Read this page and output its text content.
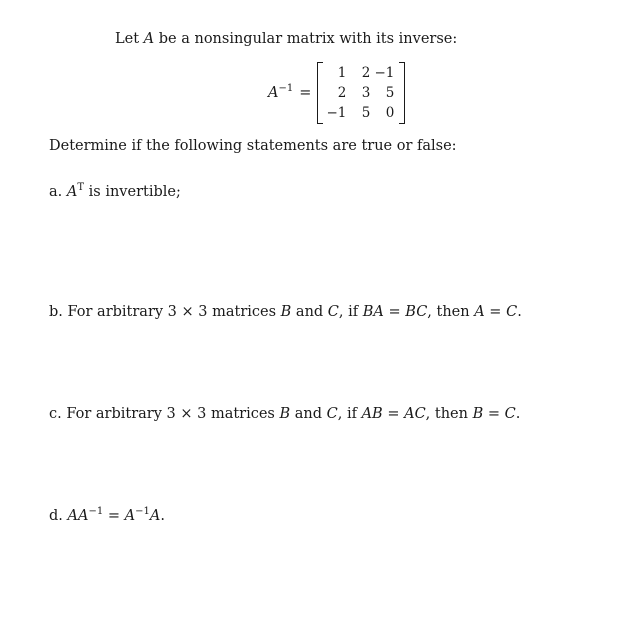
Let A be a nonsingular matrix with its inverse:
$A^{-1}$ =
1	2 −1
2	3	5
−1	5	0
Determine if the following statements are true or false:
a. $A^T$ is invertible;
b. For arbitrary 3 × 3 matrices B and C, if BA = BC, then A = C.
c. For arbitrary 3 × 3 matrices B and C, if AB = AC, then B = C.
d. $AA^{-1} = A^{-1}A$.
